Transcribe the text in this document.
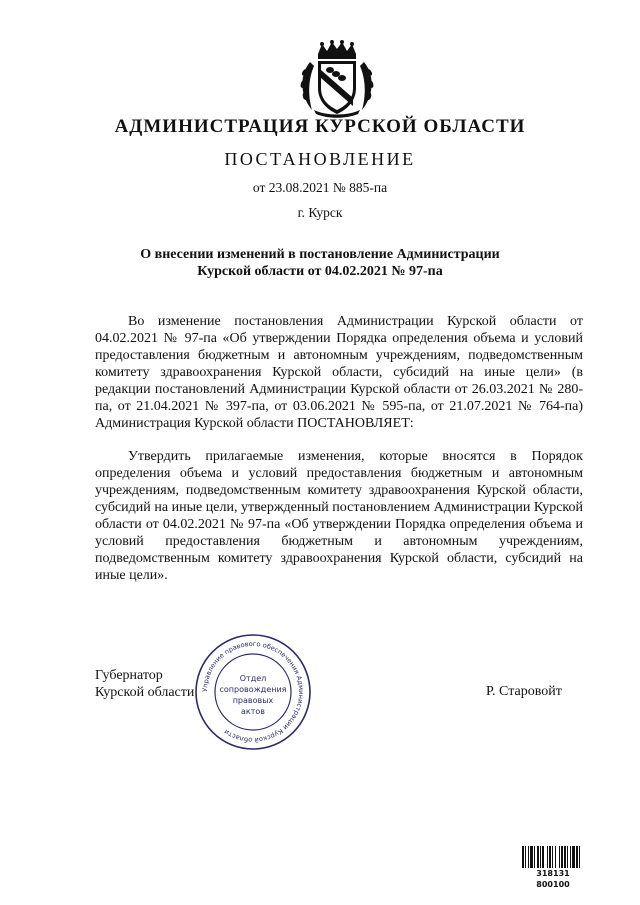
АДМИНИСТРАЦИЯ КУРСКОЙ ОБЛАСТИ
ПОСТАНОВЛЕНИЕ
от 23.08.2021 № 885-па
г. Курск
О внесении изменений в постановление Администрации Курской области от 04.02.2021 № 97-па
Во изменение постановления Администрации Курской области от 04.02.2021 № 97-па «Об утверждении Порядка определения объема и условий предоставления бюджетным и автономным учреждениям, подведомственным комитету здравоохранения Курской области, субсидий на иные цели» (в редакции постановлений Администрации Курской области от 26.03.2021 № 280-па, от 21.04.2021 № 397-па, от 03.06.2021 № 595-па, от 21.07.2021 № 764-па) Администрация Курской области ПОСТАНОВЛЯЕТ:
Утвердить прилагаемые изменения, которые вносятся в Порядок определения объема и условий предоставления бюджетным и автономным учреждениям, подведомственным комитету здравоохранения Курской области, субсидий на иные цели, утвержденный постановлением Администрации Курской области от 04.02.2021 № 97-па «Об утверждении Порядка определения объема и условий предоставления бюджетным и автономным учреждениям, подведомственным комитету здравоохранения Курской области, субсидий на иные цели».
Губернатор
Курской области	Р. Старовойт
Управление правового обеспечения Администрации Курской области
Отдел
сопровождения
правовых
актов
318131 800100
